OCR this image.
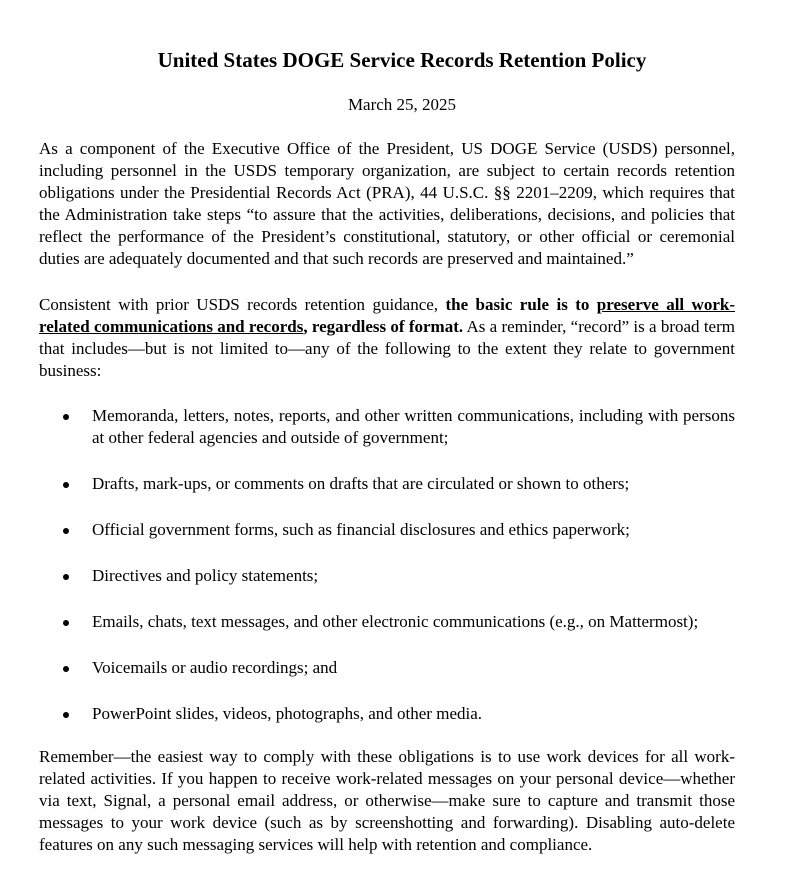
United States DOGE Service Records Retention Policy
March 25, 2025

As a component of the Executive Office of the President, US DOGE Service (USDS) personnel, including personnel in the USDS temporary organization, are subject to certain records retention obligations under the Presidential Records Act (PRA), 44 U.S.C. §§ 2201–2209, which requires that the Administration take steps “to assure that the activities, deliberations, decisions, and policies that reflect the performance of the President’s constitutional, statutory, or other official or ceremonial duties are adequately documented and that such records are preserved and maintained.”

Consistent with prior USDS records retention guidance, the basic rule is to preserve all work-related communications and records, regardless of format. As a reminder, “record” is a broad term that includes—but is not limited to—any of the following to the extent they relate to government business:

Memoranda, letters, notes, reports, and other written communications, including with persons at other federal agencies and outside of government;
Drafts, mark-ups, or comments on drafts that are circulated or shown to others;
Official government forms, such as financial disclosures and ethics paperwork;
Directives and policy statements;
Emails, chats, text messages, and other electronic communications (e.g., on Mattermost);
Voicemails or audio recordings; and
PowerPoint slides, videos, photographs, and other media.

Remember—the easiest way to comply with these obligations is to use work devices for all work-related activities. If you happen to receive work-related messages on your personal device—whether via text, Signal, a personal email address, or otherwise—make sure to capture and transmit those messages to your work device (such as by screenshotting and forwarding). Disabling auto-delete features on any such messaging services will help with retention and compliance.
